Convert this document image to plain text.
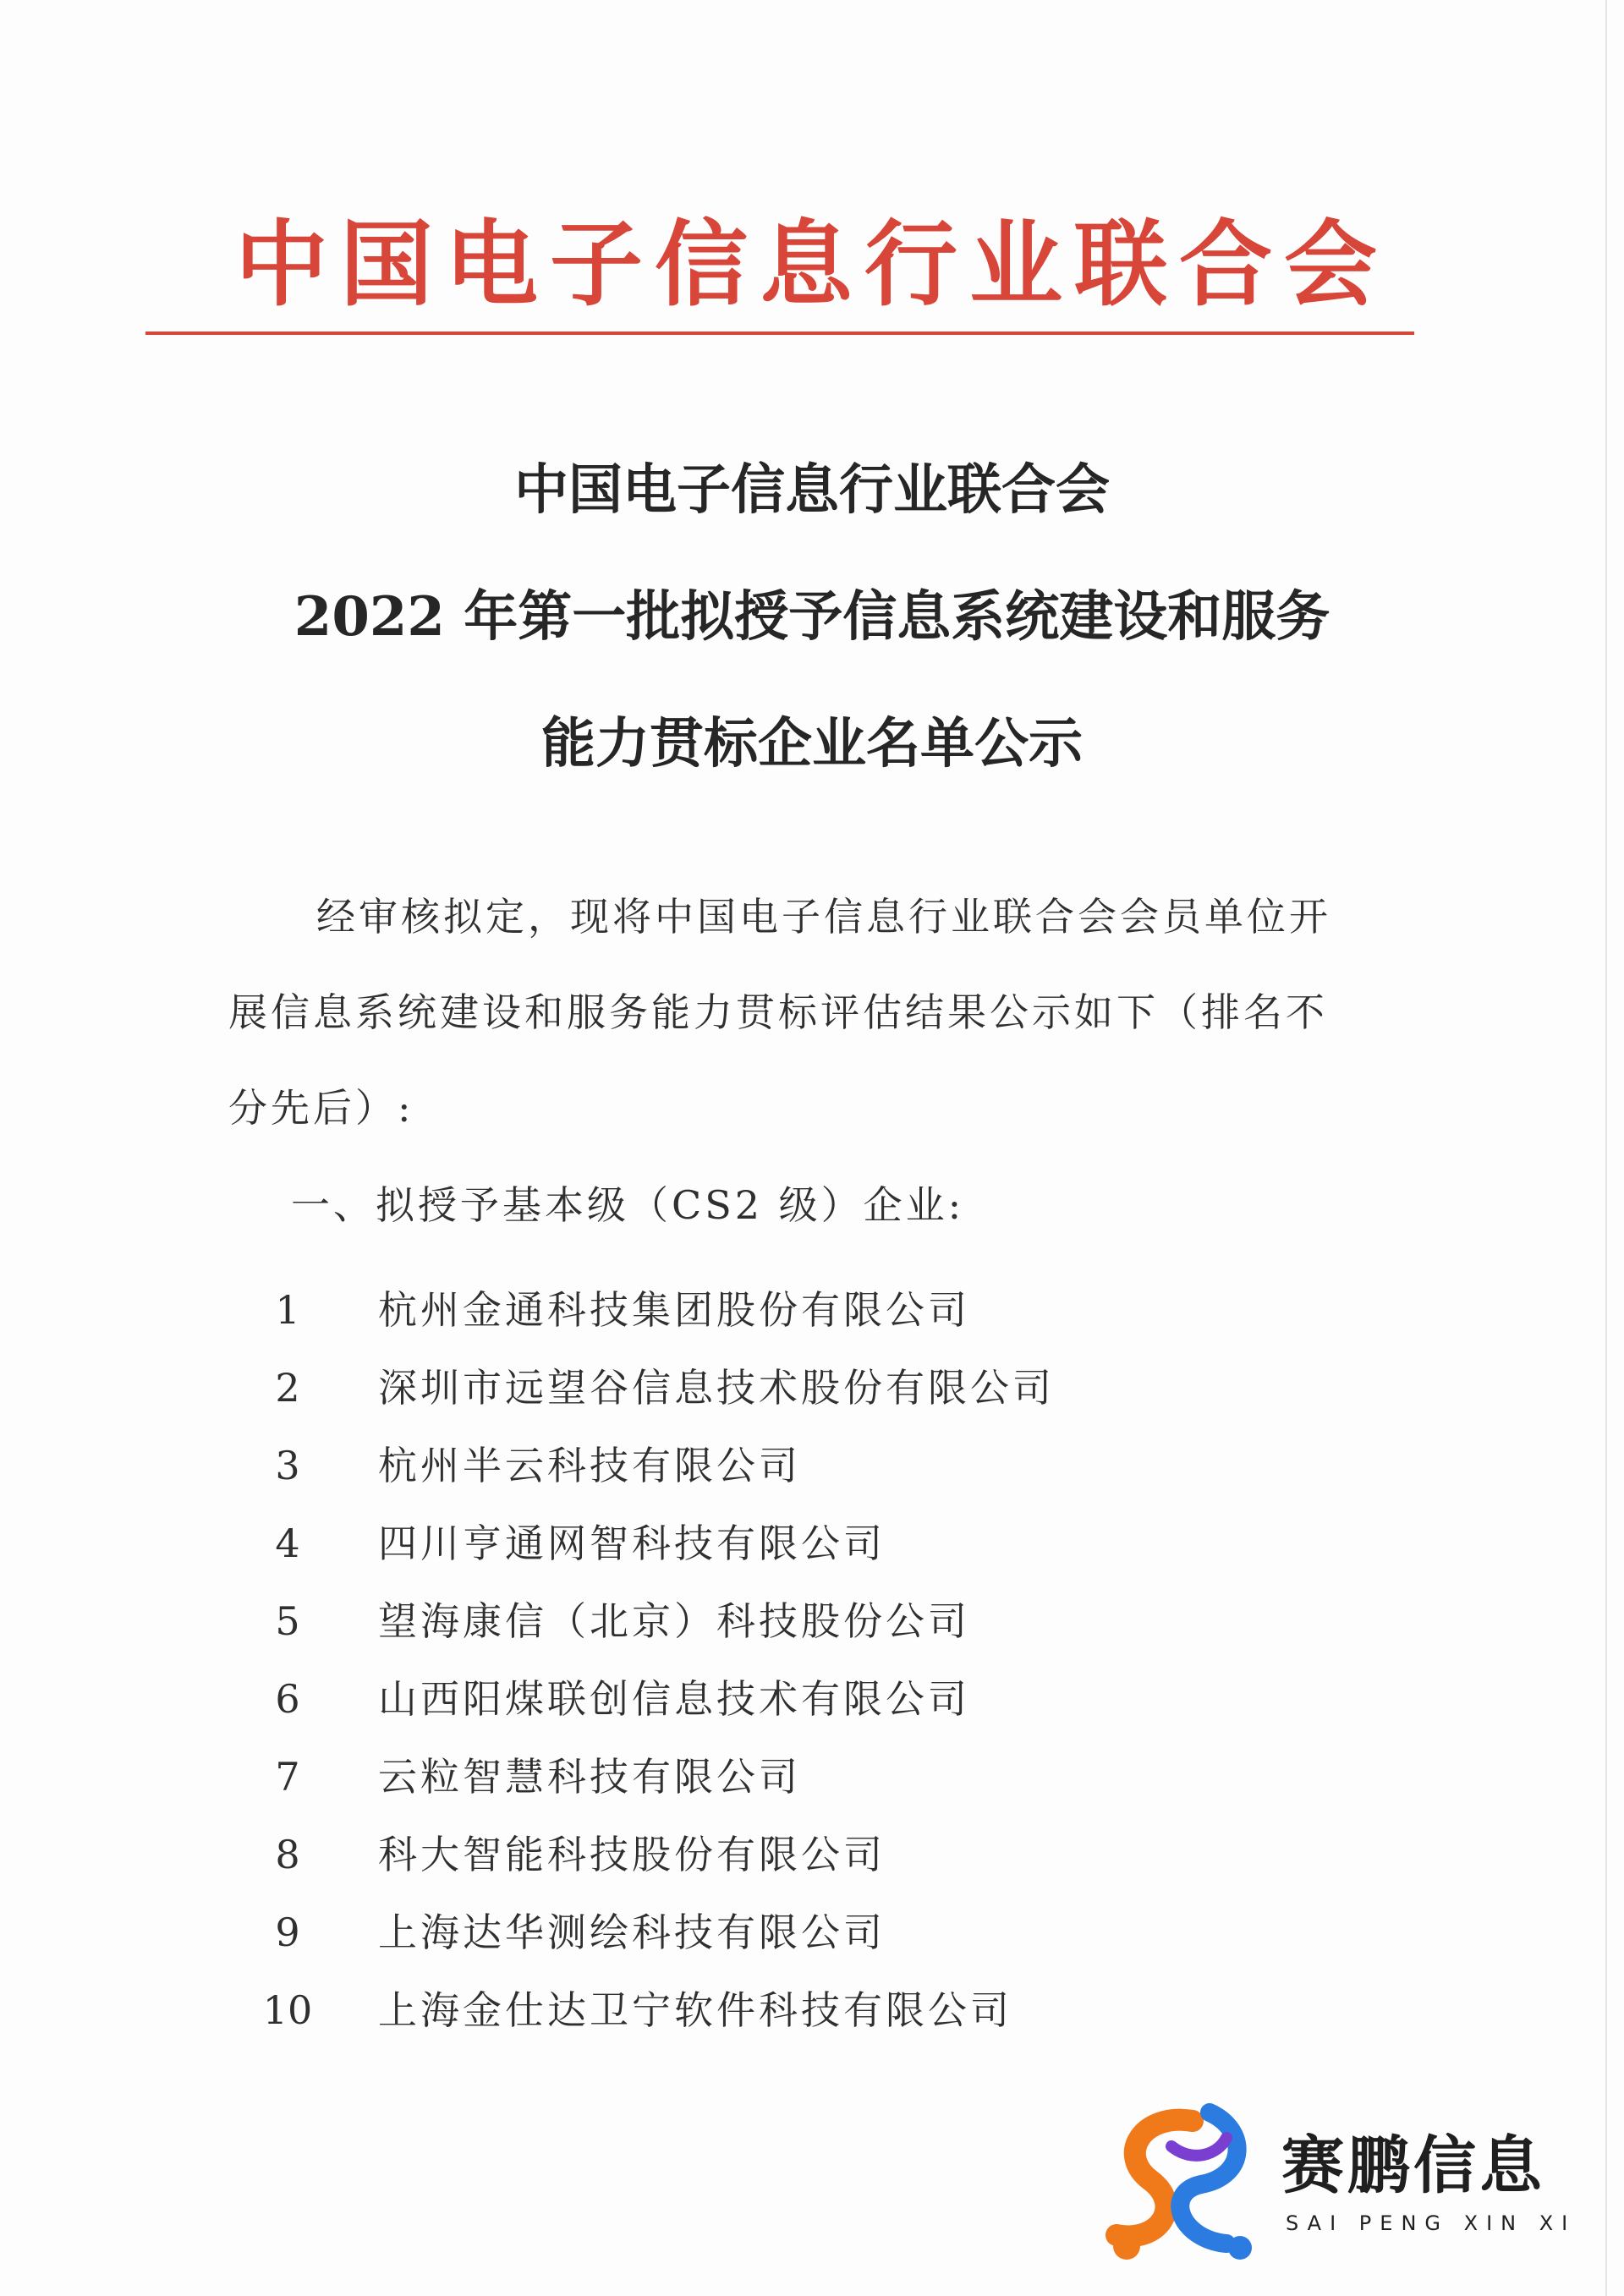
中国电子信息行业联合会
中国电子信息行业联合会
2022 年第一批拟授予信息系统建设和服务
能力贯标企业名单公示
经审核拟定，现将中国电子信息行业联合会会员单位开展信息系统建设和服务能力贯标评估结果公示如下（排名不分先后）:
一、拟授予基本级（CS2 级）企业:
1	杭州金通科技集团股份有限公司
2	深圳市远望谷信息技术股份有限公司
3	杭州半云科技有限公司
4	四川亨通网智科技有限公司
5	望海康信（北京）科技股份公司
6	山西阳煤联创信息技术有限公司
7	云粒智慧科技有限公司
8	科大智能科技股份有限公司
9	上海达华测绘科技有限公司
10 上海金仕达卫宁软件科技有限公司
赛鹏信息
SAI PENG XIN XI
